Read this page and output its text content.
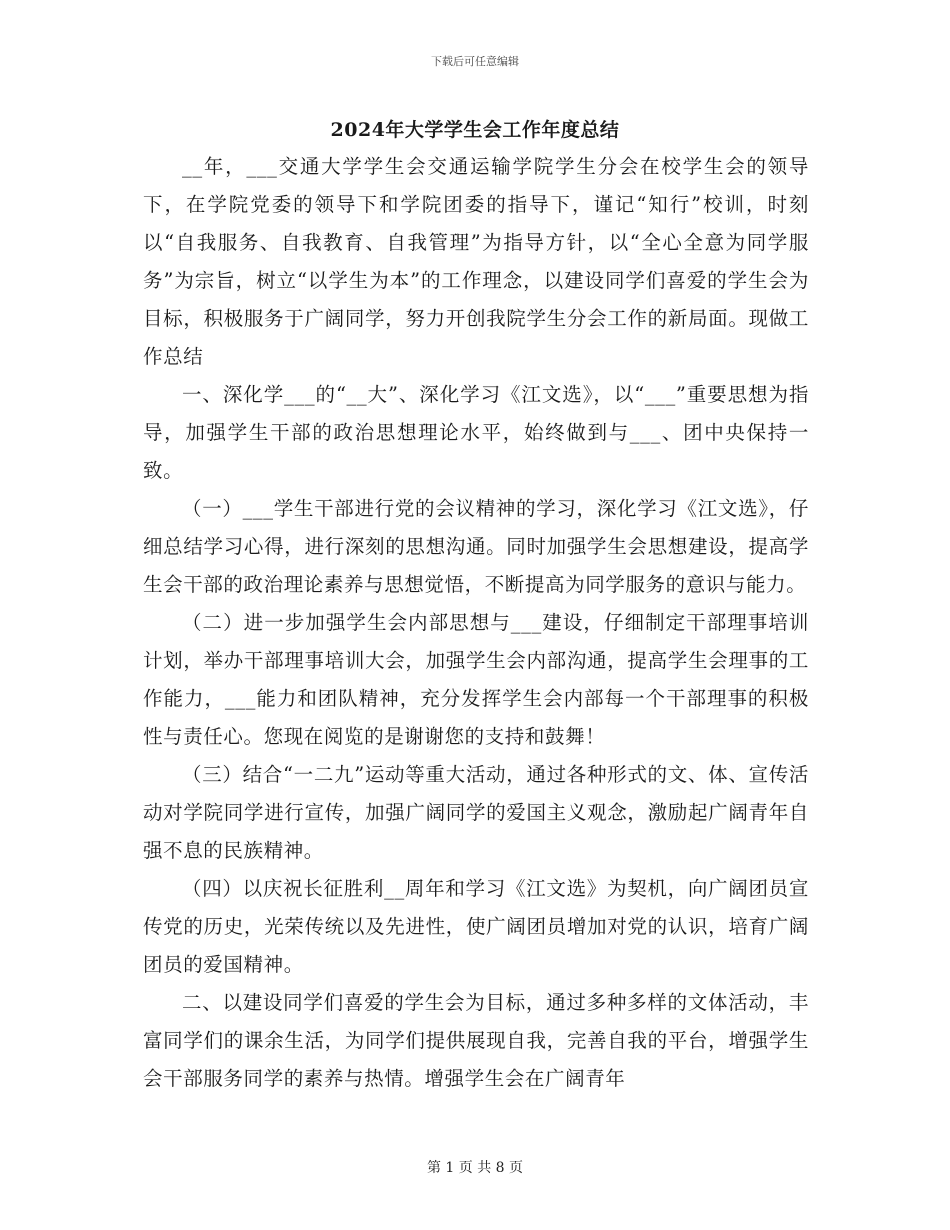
下载后可任意编辑
2024年大学学生会工作年度总结

__年，___交通大学学生会交通运输学院学生分会在校学生会的领导下，在学院党委的领导下和学院团委的指导下，谨记“知行”校训，时刻以“自我服务、自我教育、自我管理”为指导方针，以“全心全意为同学服务”为宗旨，树立“以学生为本”的工作理念，以建设同学们喜爱的学生会为目标，积极服务于广阔同学，努力开创我院学生分会工作的新局面。现做工作总结

一、深化学___的“__大”、深化学习《江文选》，以“___”重要思想为指导，加强学生干部的政治思想理论水平，始终做到与___、团中央保持一致。

（一）___学生干部进行党的会议精神的学习，深化学习《江文选》，仔细总结学习心得，进行深刻的思想沟通。同时加强学生会思想建设，提高学生会干部的政治理论素养与思想觉悟，不断提高为同学服务的意识与能力。

（二）进一步加强学生会内部思想与___建设，仔细制定干部理事培训计划，举办干部理事培训大会，加强学生会内部沟通，提高学生会理事的工作能力，___能力和团队精神，充分发挥学生会内部每一个干部理事的积极性与责任心。您现在阅览的是谢谢您的支持和鼓舞！

（三）结合“一二九”运动等重大活动，通过各种形式的文、体、宣传活动对学院同学进行宣传，加强广阔同学的爱国主义观念，激励起广阔青年自强不息的民族精神。

（四）以庆祝长征胜利__周年和学习《江文选》为契机，向广阔团员宣传党的历史，光荣传统以及先进性，使广阔团员增加对党的认识，培育广阔团员的爱国精神。

二、以建设同学们喜爱的学生会为目标，通过多种多样的文体活动，丰富同学们的课余生活，为同学们提供展现自我，完善自我的平台，增强学生会干部服务同学的素养与热情。增强学生会在广阔青年

第 1 页 共 8 页
